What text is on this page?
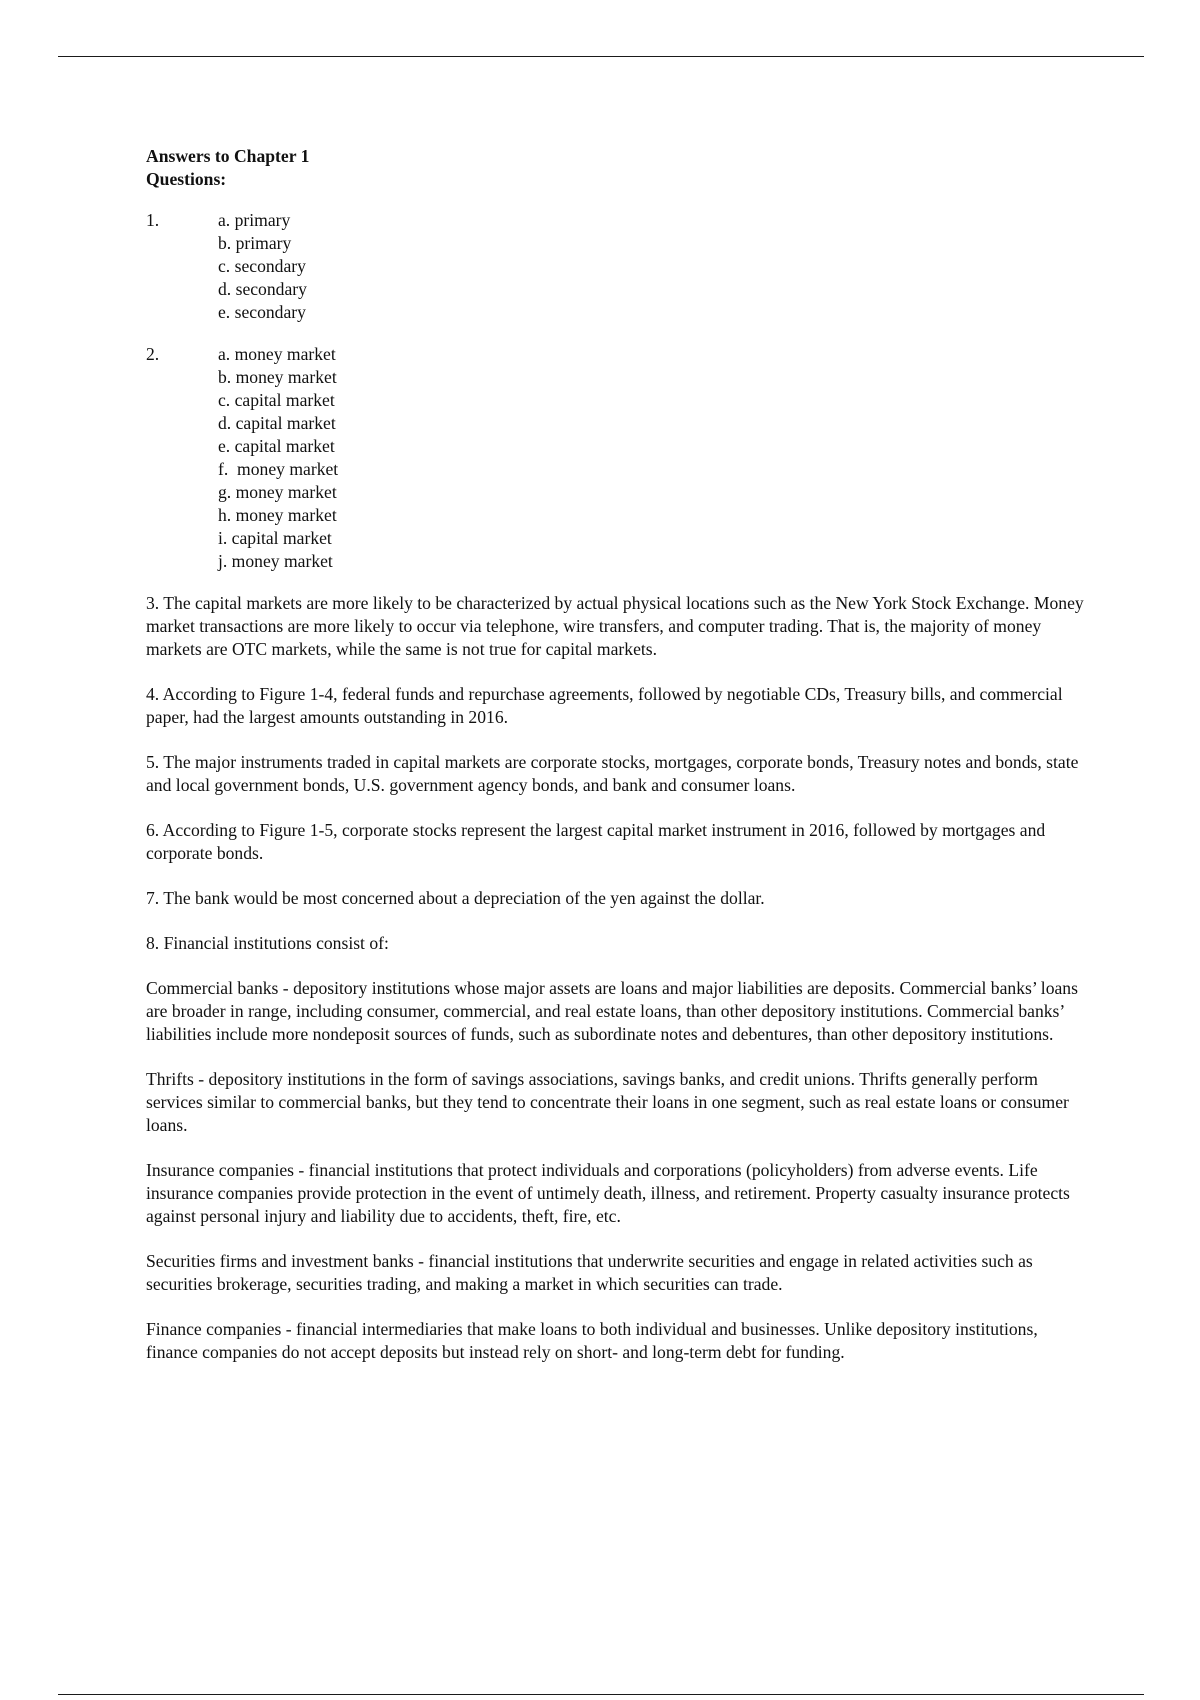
Answers to Chapter 1
Questions:
1.	a. primary
b. primary
c. secondary
d. secondary
e. secondary
2.	a. money market
b. money market
c. capital market
d. capital market
e. capital market
f.  money market
g. money market
h. money market
i. capital market
j. money market

3. The capital markets are more likely to be characterized by actual physical locations such as the New York Stock Exchange. Money market transactions are more likely to occur via telephone, wire transfers, and computer trading. That is, the majority of money markets are OTC markets, while the same is not true for capital markets.

4. According to Figure 1-4, federal funds and repurchase agreements, followed by negotiable CDs, Treasury bills, and commercial paper, had the largest amounts outstanding in 2016.

5. The major instruments traded in capital markets are corporate stocks, mortgages, corporate bonds, Treasury notes and bonds, state and local government bonds, U.S. government agency bonds, and bank and consumer loans.

6. According to Figure 1-5, corporate stocks represent the largest capital market instrument in 2016, followed by mortgages and corporate bonds.

7. The bank would be most concerned about a depreciation of the yen against the dollar.

8. Financial institutions consist of:

Commercial banks - depository institutions whose major assets are loans and major liabilities are deposits. Commercial banks’ loans are broader in range, including consumer, commercial, and real estate loans, than other depository institutions. Commercial banks’ liabilities include more nondeposit sources of funds, such as subordinate notes and debentures, than other depository institutions.

Thrifts - depository institutions in the form of savings associations, savings banks, and credit unions. Thrifts generally perform services similar to commercial banks, but they tend to concentrate their loans in one segment, such as real estate loans or consumer loans.

Insurance companies - financial institutions that protect individuals and corporations (policyholders) from adverse events. Life insurance companies provide protection in the event of untimely death, illness, and retirement. Property casualty insurance protects against personal injury and liability due to accidents, theft, fire, etc.

Securities firms and investment banks - financial institutions that underwrite securities and engage in related activities such as securities brokerage, securities trading, and making a market in which securities can trade.

Finance companies - financial intermediaries that make loans to both individual and businesses. Unlike depository institutions, finance companies do not accept deposits but instead rely on short- and long-term debt for funding.
